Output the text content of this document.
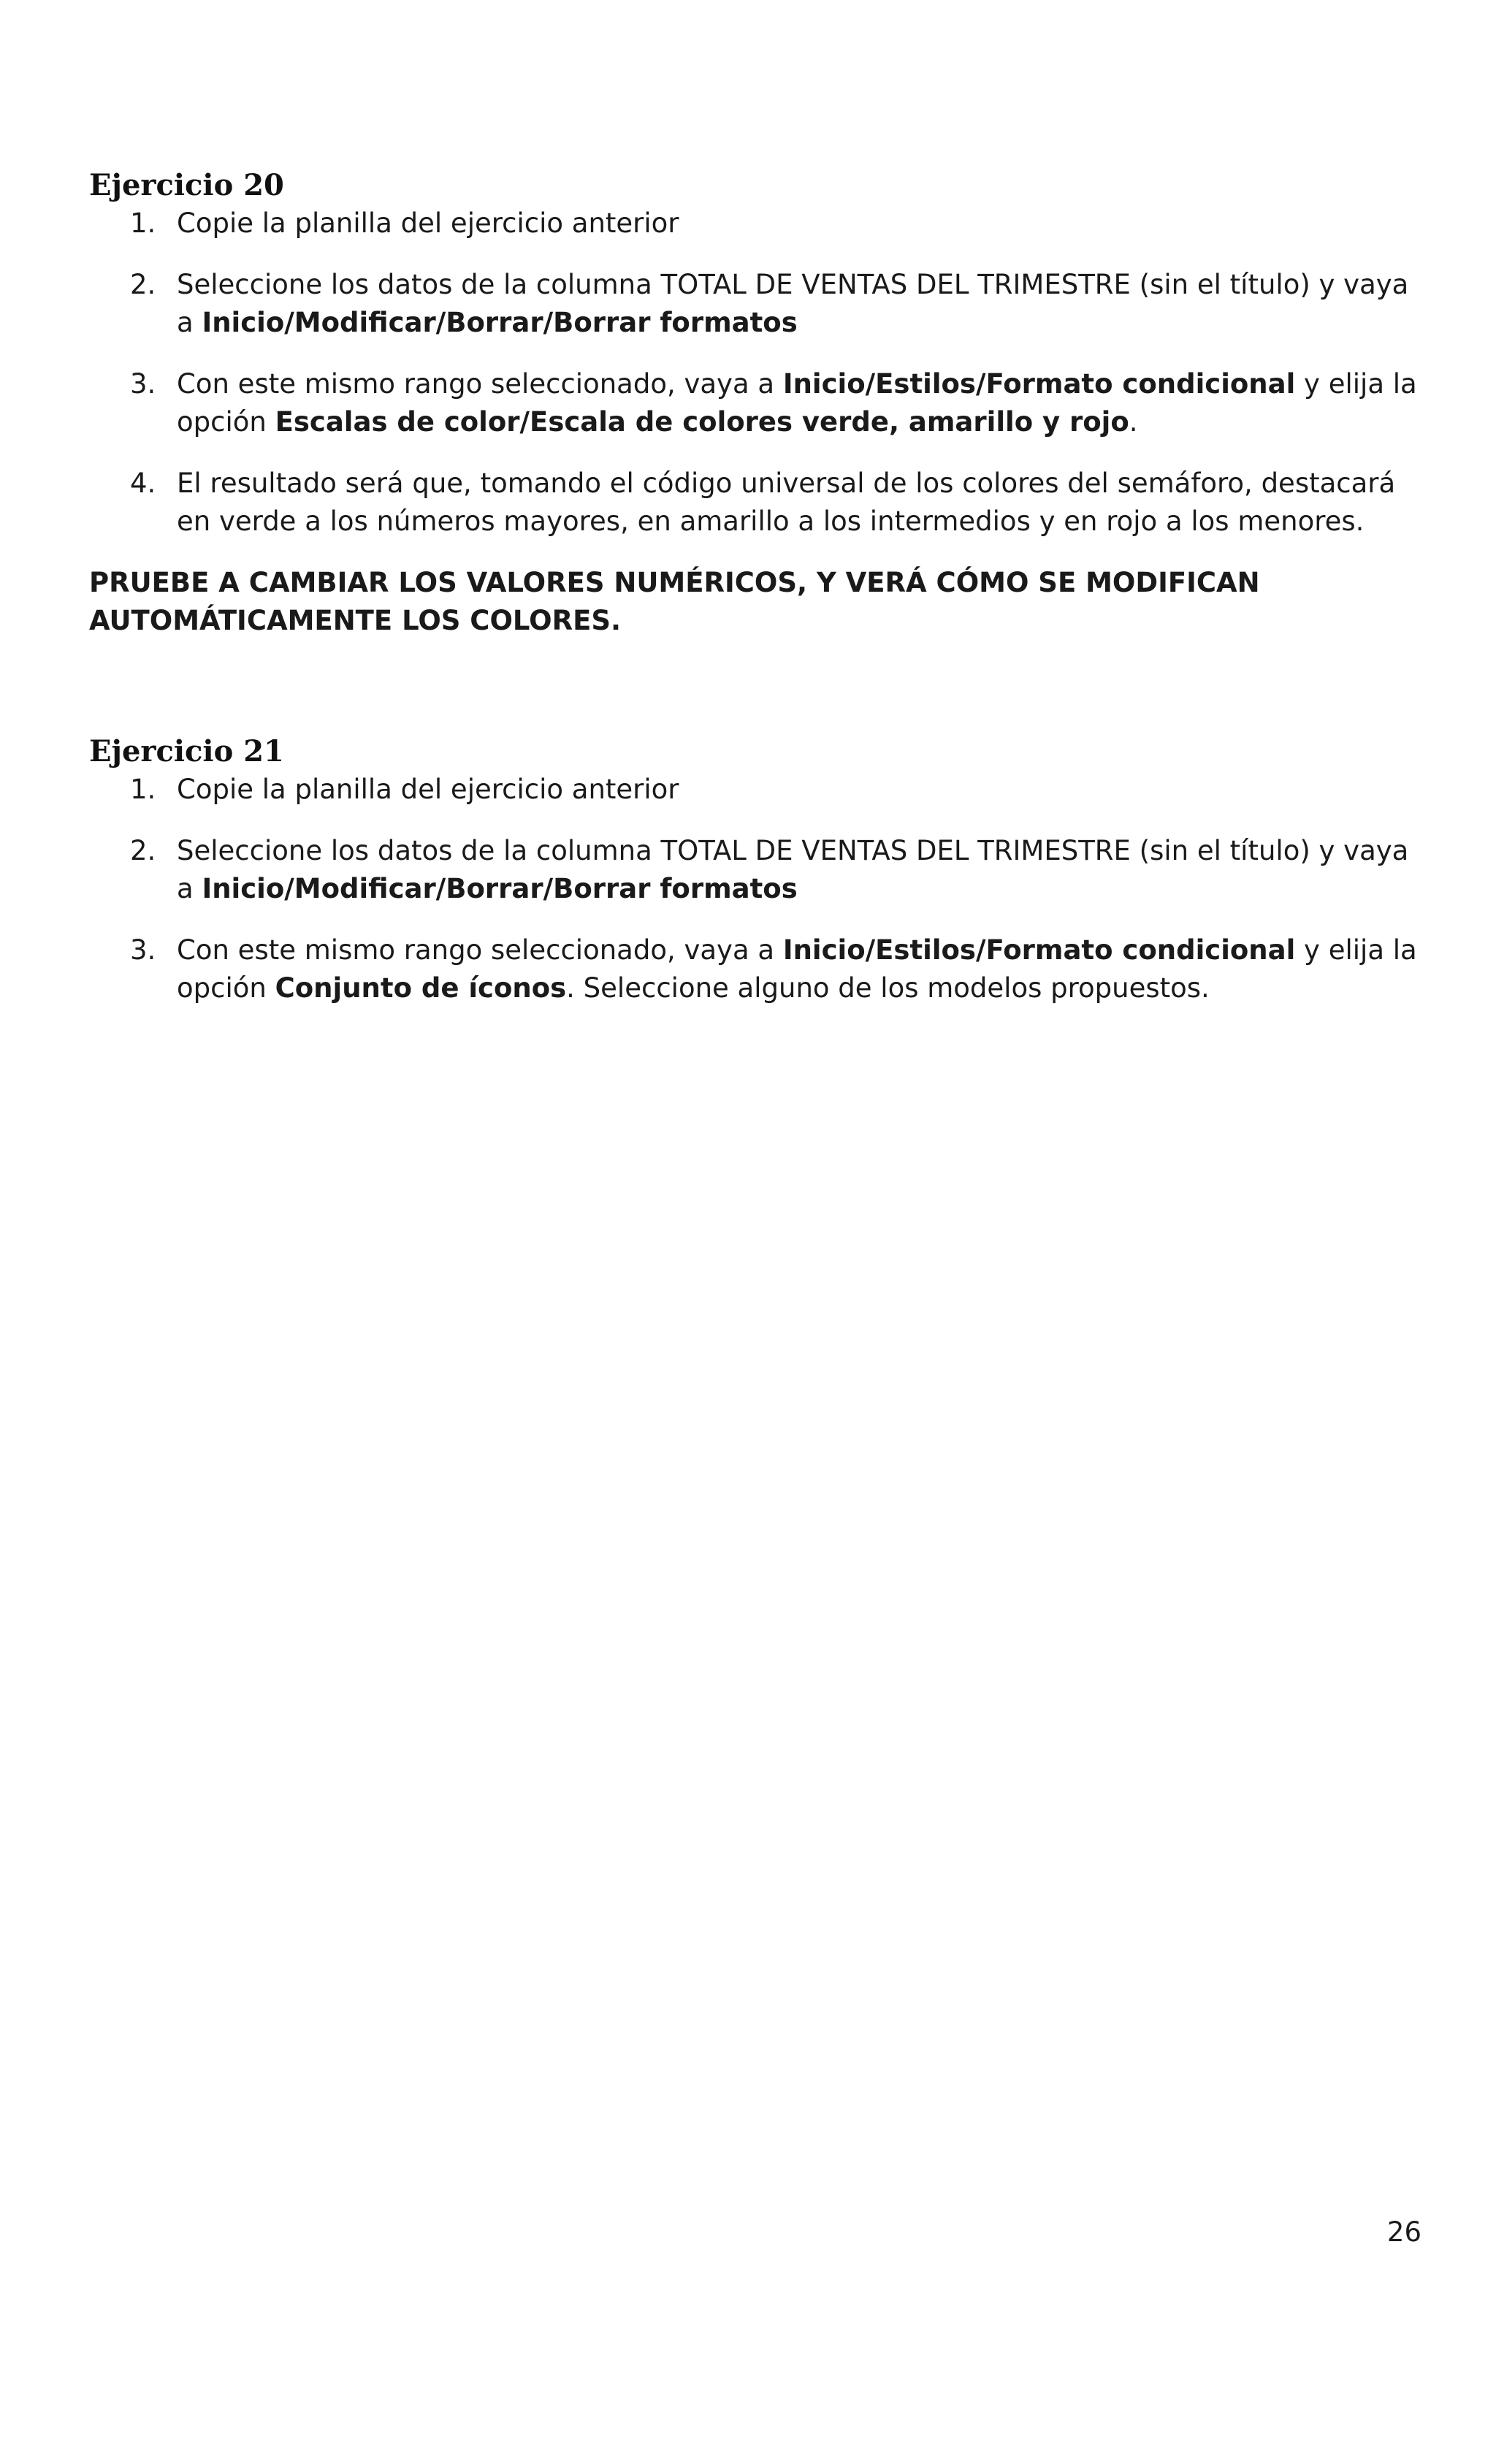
Ejercicio 20
1. Copie la planilla del ejercicio anterior
2. Seleccione los datos de la columna TOTAL DE VENTAS DEL TRIMESTRE (sin el título) y vaya a Inicio/Modificar/Borrar/Borrar formatos
3. Con este mismo rango seleccionado, vaya a Inicio/Estilos/Formato condicional y elija la opción Escalas de color/Escala de colores verde, amarillo y rojo.
4. El resultado será que, tomando el código universal de los colores del semáforo, destacará en verde a los números mayores, en amarillo a los intermedios y en rojo a los menores.
PRUEBE A CAMBIAR LOS VALORES NUMÉRICOS, Y VERÁ CÓMO SE MODIFICAN AUTOMÁTICAMENTE LOS COLORES.
Ejercicio 21
1. Copie la planilla del ejercicio anterior
2. Seleccione los datos de la columna TOTAL DE VENTAS DEL TRIMESTRE (sin el título) y vaya a Inicio/Modificar/Borrar/Borrar formatos
3. Con este mismo rango seleccionado, vaya a Inicio/Estilos/Formato condicional y elija la opción Conjunto de íconos. Seleccione alguno de los modelos propuestos.
26
